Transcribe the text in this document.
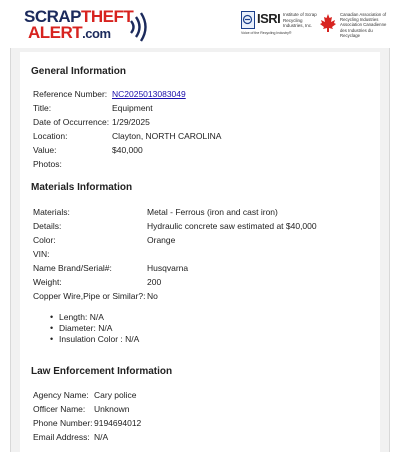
SCRAPTHEFT
ALERT.com
ISRI Institute of Scrap Recycling Industries, Inc.
Voice of the Recycling Industry®
Canadian Association of Recycling Industries
Association Canadienne des Industries du Recyclage
General Information
Reference Number: NC2025013083049
Title:	Equipment
Date of Occurrence: 1/29/2025
Location:	Clayton, NORTH CAROLINA
Value:	$40,000
Photos:
Materials Information
Materials:	Metal - Ferrous (iron and cast iron)
Details:	Hydraulic concrete saw estimated at $40,000
Color:	Orange
VIN:
Name Brand/Serial#:	Husqvarna
Weight:	200
Copper Wire,Pipe or Similar?: No
• Length: N/A
• Diameter: N/A
• Insulation Color : N/A
Law Enforcement Information
Agency Name: Cary police
Officer Name: Unknown
Phone Number: 9194694012
Email Address: N/A
